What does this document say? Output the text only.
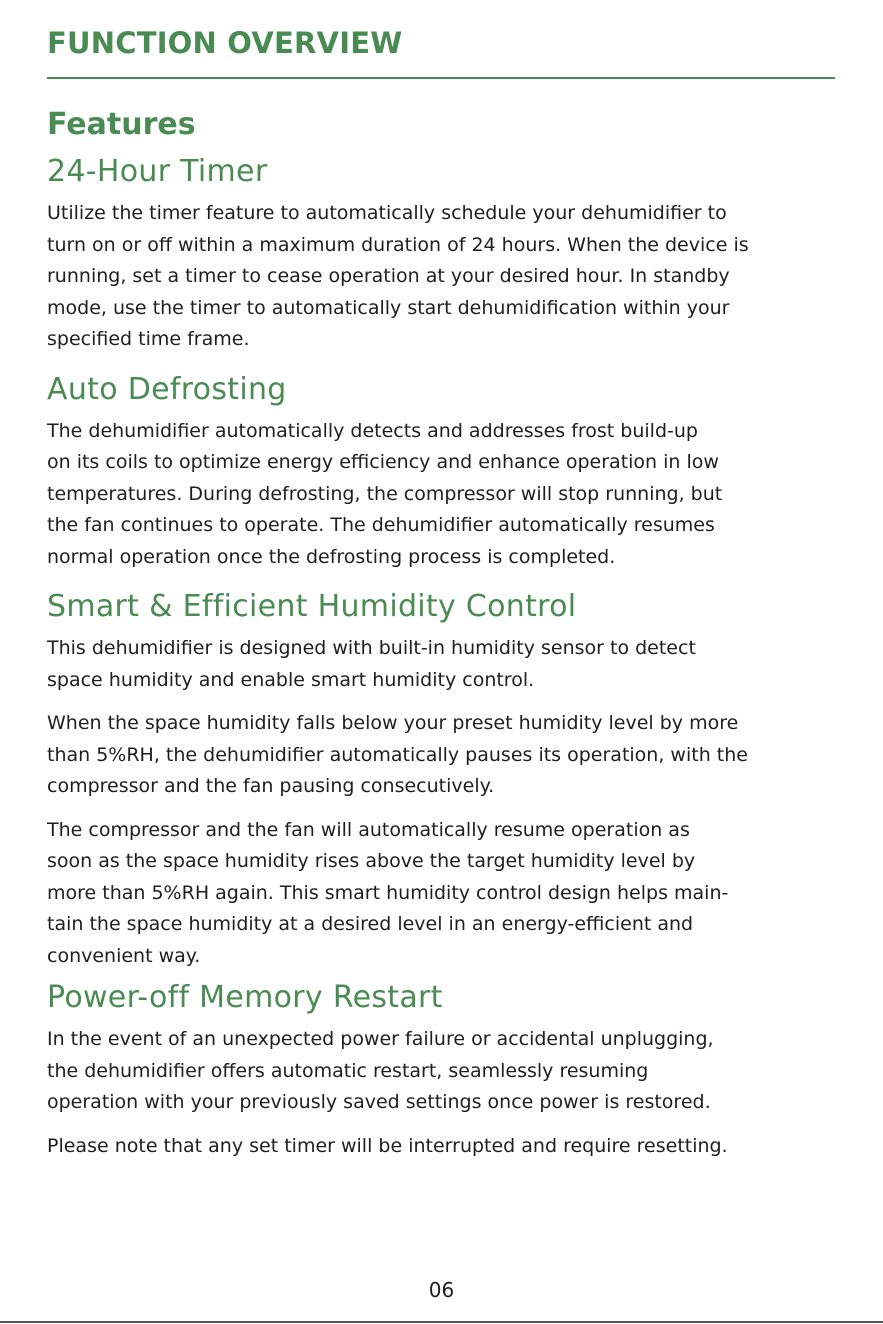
FUNCTION OVERVIEW
Features
24-Hour Timer

Utilize the timer feature to automatically schedule your dehumidifier to
turn on or off within a maximum duration of 24 hours. When the device is
running, set a timer to cease operation at your desired hour. In standby
mode, use the timer to automatically start dehumidification within your
specified time frame.

Auto Defrosting

The dehumidifier automatically detects and addresses frost build-up
on its coils to optimize energy efficiency and enhance operation in low
temperatures. During defrosting, the compressor will stop running, but
the fan continues to operate. The dehumidifier automatically resumes
normal operation once the defrosting process is completed.

Smart & Efficient Humidity Control

This dehumidifier is designed with built-in humidity sensor to detect
space humidity and enable smart humidity control.

When the space humidity falls below your preset humidity level by more
than 5%RH, the dehumidifier automatically pauses its operation, with the
compressor and the fan pausing consecutively.

The compressor and the fan will automatically resume operation as
soon as the space humidity rises above the target humidity level by
more than 5%RH again. This smart humidity control design helps main-
tain the space humidity at a desired level in an energy-efficient and
convenient way.

Power-off Memory Restart

In the event of an unexpected power failure or accidental unplugging,
the dehumidifier offers automatic restart, seamlessly resuming
operation with your previously saved settings once power is restored.

Please note that any set timer will be interrupted and require resetting.

06
